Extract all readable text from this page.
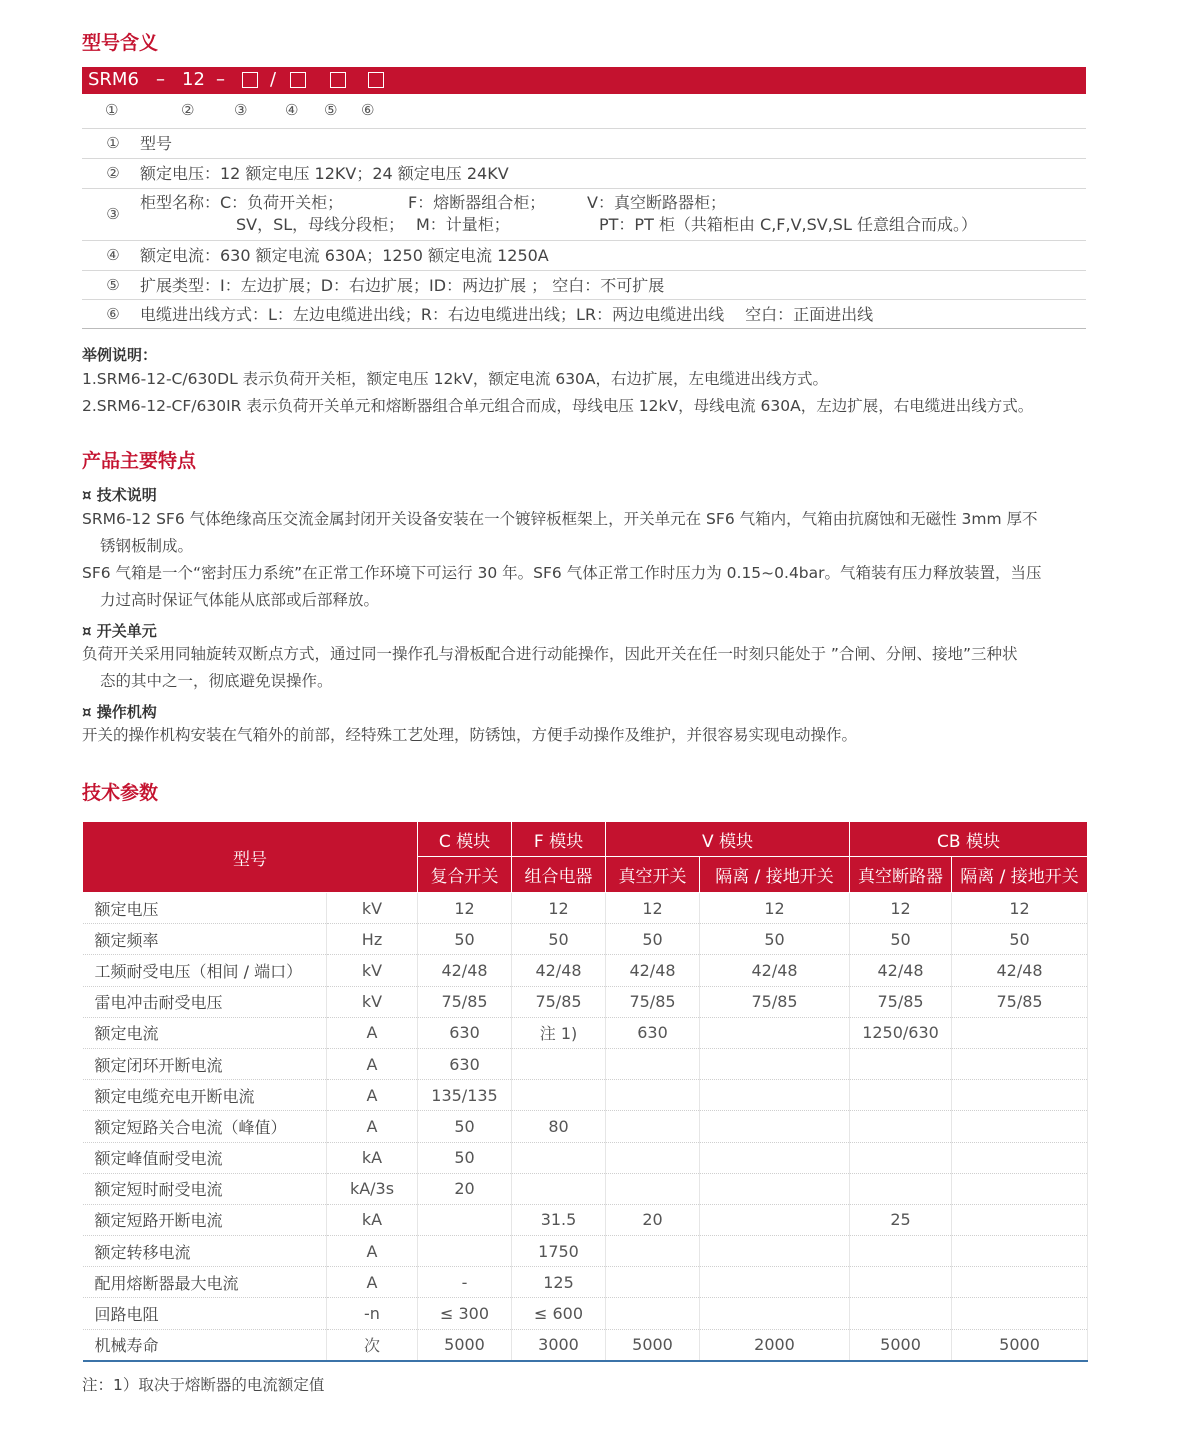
型号含义
SRM6 – 12 –	/
①	②	③	④ ⑤ ⑥
① 型号
② 额定电压：12 额定电压 12KV；24 额定电压 24KV
③
柜型名称：C：负荷开关柜；	F：熔断器组合柜；	V：真空断路器柜；
SV，SL，母线分段柜； M：计量柜；	PT：PT 柜（共箱柜由 C,F,V,SV,SL 任意组合而成。）
④ 额定电流：630 额定电流 630A；1250 额定电流 1250A
⑤ 扩展类型：I：左边扩展；D：右边扩展；ID：两边扩展 ； 空白：不可扩展
⑥ 电缆进出线方式：L：左边电缆进出线；R：右边电缆进出线；LR：两边电缆进出线　 空白：正面进出线
举例说明：
1.SRM6-12-C/630DL 表示负荷开关柜，额定电压 12kV，额定电流 630A，右边扩展，左电缆进出线方式。
2.SRM6-12-CF/630IR 表示负荷开关单元和熔断器组合单元组合而成，母线电压 12kV，母线电流 630A，左边扩展，右电缆进出线方式。
产品主要特点
¤ 技术说明
SRM6-12 SF6 气体绝缘高压交流金属封闭开关设备安装在一个镀锌板框架上，开关单元在 SF6 气箱内，气箱由抗腐蚀和无磁性 3mm 厚不
锈钢板制成。
SF6 气箱是一个“密封压力系统”在正常工作环境下可运行 30 年。SF6 气体正常工作时压力为 0.15~0.4bar。气箱装有压力释放装置，当压
力过高时保证气体能从底部或后部释放。
¤ 开关单元
负荷开关采用同轴旋转双断点方式，通过同一操作孔与滑板配合进行动能操作，因此开关在任一时刻只能处于 ”合闸、分闸、接地”三种状
态的其中之一，彻底避免误操作。
¤ 操作机构
开关的操作机构安装在气箱外的前部，经特殊工艺处理，防锈蚀，方便手动操作及维护，并很容易实现电动操作。
技术参数
型号		C 模块	F 模块	V 模块		CB 模块	
		复合开关	组合电器	真空开关	隔离 / 接地开关	真空断路器	隔离 / 接地开关
额定电压	kV	12	12	12	12	12	12
额定频率	Hz	50	50	50	50	50	50
工频耐受电压（相间 / 端口）	kV	42/48	42/48	42/48	42/48	42/48	42/48
雷电冲击耐受电压	kV	75/85	75/85	75/85	75/85	75/85	75/85
额定电流	A	630	注 1)	630		1250/630	
额定闭环开断电流	A	630					
额定电缆充电开断电流	A	135/135					
额定短路关合电流（峰值）	A	50	80				
额定峰值耐受电流	kA	50					
额定短时耐受电流	kA/3s	20					
额定短路开断电流	kA		31.5	20		25	
额定转移电流	A		1750				
配用熔断器最大电流	A	-	125				
回路电阻	-n	≤ 300	≤ 600				
机械寿命	次	5000	3000	5000	2000	5000	5000
注：1）取决于熔断器的电流额定值
